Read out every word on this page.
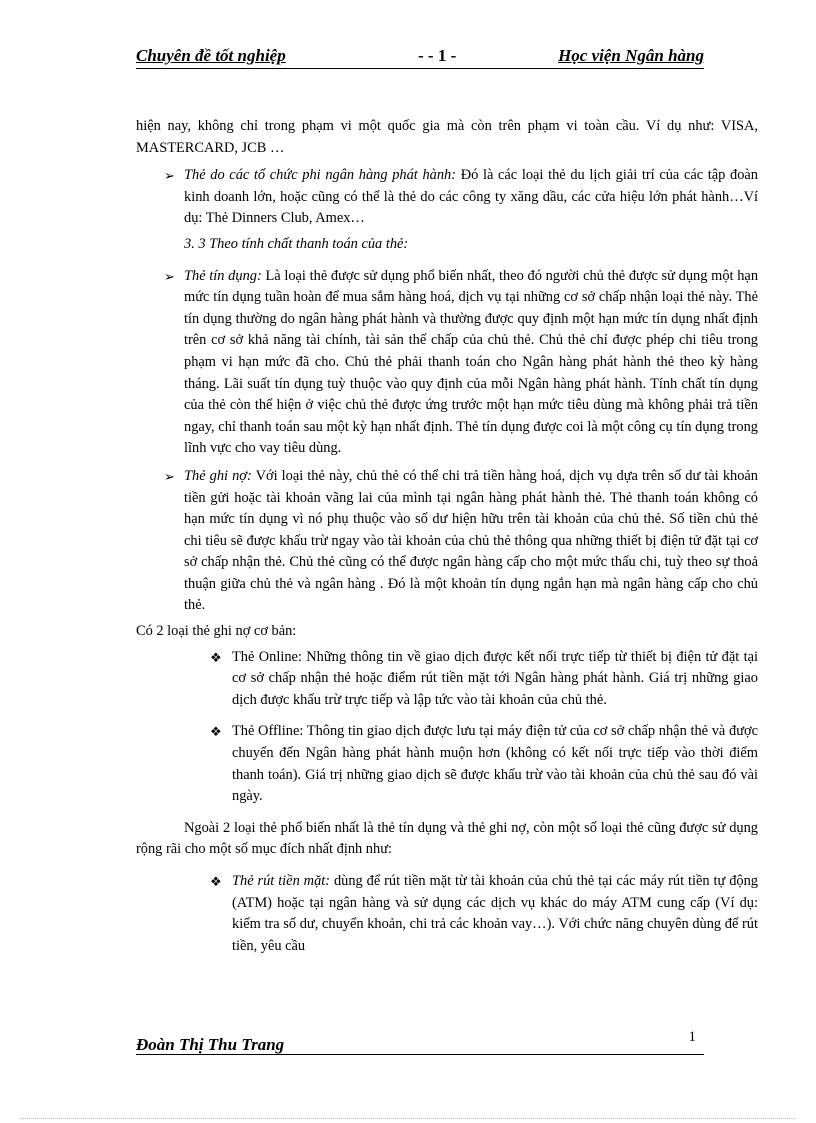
Chuyên đề tốt nghiệp	- - 1 -	Học viện Ngân hàng

hiện nay, không chỉ trong phạm vi một quốc gia mà còn trên phạm vi toàn cầu. Ví dụ như: VISA, MASTERCARD, JCB …

➢ Thẻ do các tổ chức phi ngân hàng phát hành: Đó là các loại thẻ du lịch giải trí của các tập đoàn kinh doanh lớn, hoặc cũng có thể là thẻ do các công ty xăng dầu, các cửa hiệu lớn phát hành…Ví dụ: Thẻ Dinners Club, Amex…

3. 3 Theo tính chất thanh toán của thẻ:

➢ Thẻ tín dụng: Là loại thẻ được sử dụng phổ biến nhất, theo đó người chủ thẻ được sử dụng một hạn mức tín dụng tuần hoàn để mua sắm hàng hoá, dịch vụ tại những cơ sở chấp nhận loại thẻ này. Thẻ tín dụng thường do ngân hàng phát hành và thường được quy định một hạn mức tín dụng nhất định trên cơ sở khả năng tài chính, tài sản thế chấp của chủ thẻ. Chủ thẻ chỉ được phép chi tiêu trong phạm vi hạn mức đã cho. Chủ thẻ phải thanh toán cho Ngân hàng phát hành thẻ theo kỳ hàng tháng. Lãi suất tín dụng tuỳ thuộc vào quy định của mỗi Ngân hàng phát hành. Tính chất tín dụng của thẻ còn thể hiện ở việc chủ thẻ được ứng trước một hạn mức tiêu dùng mà không phải trả tiền ngay, chỉ thanh toán sau một kỳ hạn nhất định. Thẻ tín dụng được coi là một công cụ tín dụng trong lĩnh vực cho vay tiêu dùng.
➢ Thẻ ghi nợ: Với loại thẻ này, chủ thẻ có thể chi trả tiền hàng hoá, dịch vụ dựa trên số dư tài khoản tiền gửi hoặc tài khoản vãng lai của mình tại ngân hàng phát hành thẻ. Thẻ thanh toán không có hạn mức tín dụng vì nó phụ thuộc vào số dư hiện hữu trên tài khoản của chủ thẻ. Số tiền chủ thẻ chi tiêu sẽ được khấu trừ ngay vào tài khoản của chủ thẻ thông qua những thiết bị điện tử đặt tại cơ sở chấp nhận thẻ. Chủ thẻ cũng có thể được ngân hàng cấp cho một mức thấu chi, tuỳ theo sự thoả thuận giữa chủ thẻ và ngân hàng . Đó là một khoản tín dụng ngắn hạn mà ngân hàng cấp cho chủ thẻ.

Có 2 loại thẻ ghi nợ cơ bản:

❖ Thẻ Online: Những thông tin về giao dịch được kết nối trực tiếp từ thiết bị điện tử đặt tại cơ sở chấp nhận thẻ hoặc điểm rút tiền mặt tới Ngân hàng phát hành. Giá trị những giao dịch được khấu trừ trực tiếp và lập tức vào tài khoản của chủ thẻ.
❖ Thẻ Offline: Thông tin giao dịch được lưu tại máy điện tử của cơ sở chấp nhận thẻ và được chuyển đến Ngân hàng phát hành muộn hơn (không có kết nối trực tiếp vào thời điểm thanh toán). Giá trị những giao dịch sẽ được khấu trừ vào tài khoản của chủ thẻ sau đó vài ngày.

Ngoài 2 loại thẻ phổ biến nhất là thẻ tín dụng và thẻ ghi nợ, còn một số loại thẻ cũng được sử dụng rộng rãi cho một số mục đích nhất định như:

❖ Thẻ rút tiền mặt: dùng để rút tiền mặt từ tài khoản của chủ thẻ tại các máy rút tiền tự động (ATM) hoặc tại ngân hàng và sử dụng các dịch vụ khác do máy ATM cung cấp (Ví dụ: kiểm tra số dư, chuyển khoản, chi trả các khoản vay…). Với chức năng chuyên dùng để rút tiền, yêu cầu
Đoàn Thị Thu Trang	1
